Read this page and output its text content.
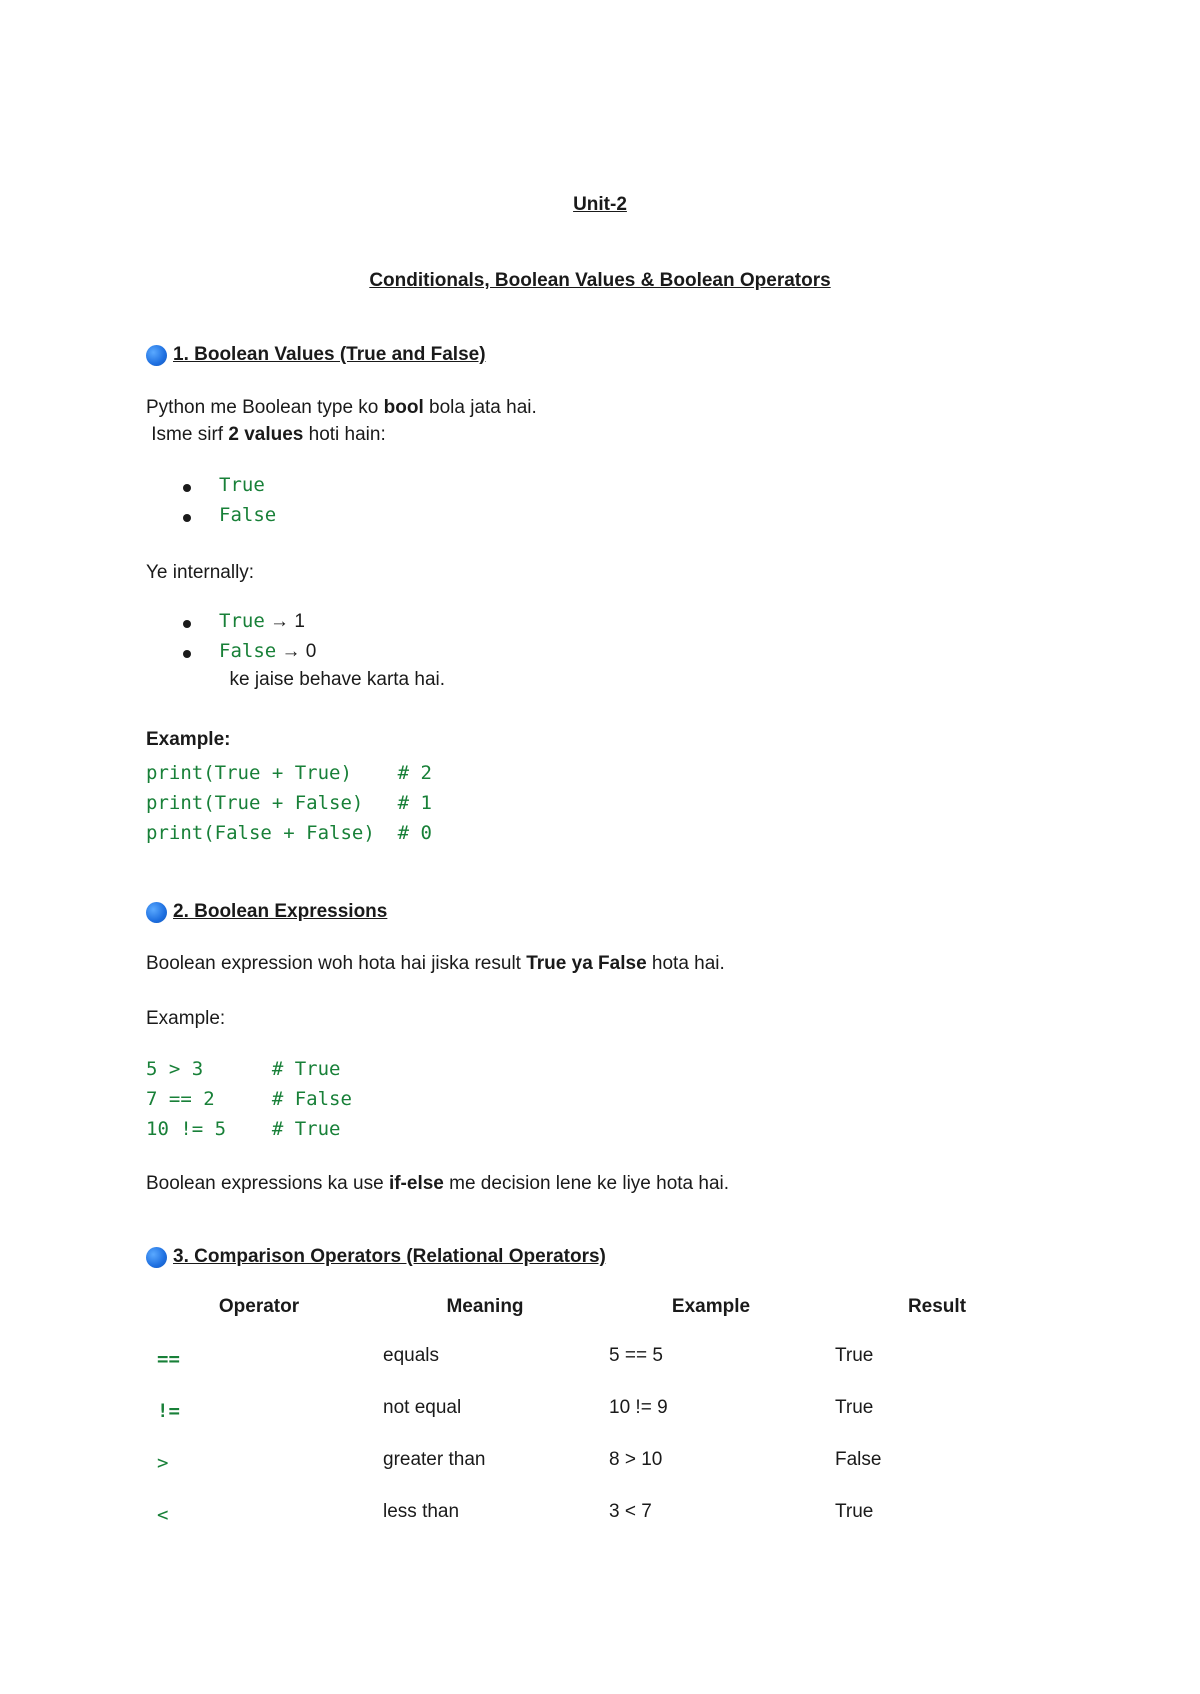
Unit-2
Conditionals, Boolean Values & Boolean Operators
1. Boolean Values (True and False)
Python me Boolean type ko bool bola jata hai.
Isme sirf 2 values hoti hain:
True
False
Ye internally:
True → 1
False → 0
ke jaise behave karta hai.
Example:
print(True + True)    # 2
print(True + False)   # 1
print(False + False)  # 0
2. Boolean Expressions
Boolean expression woh hota hai jiska result True ya False hota hai.
Example:
5 > 3      # True
7 == 2     # False
10 != 5    # True
Boolean expressions ka use if-else me decision lene ke liye hota hai.
3. Comparison Operators (Relational Operators)
Operator	Meaning	Example	Result
==	equals	5 == 5	True
!=	not equal	10 != 9	True
>	greater than	8 > 10	False
<	less than	3 < 7	True
